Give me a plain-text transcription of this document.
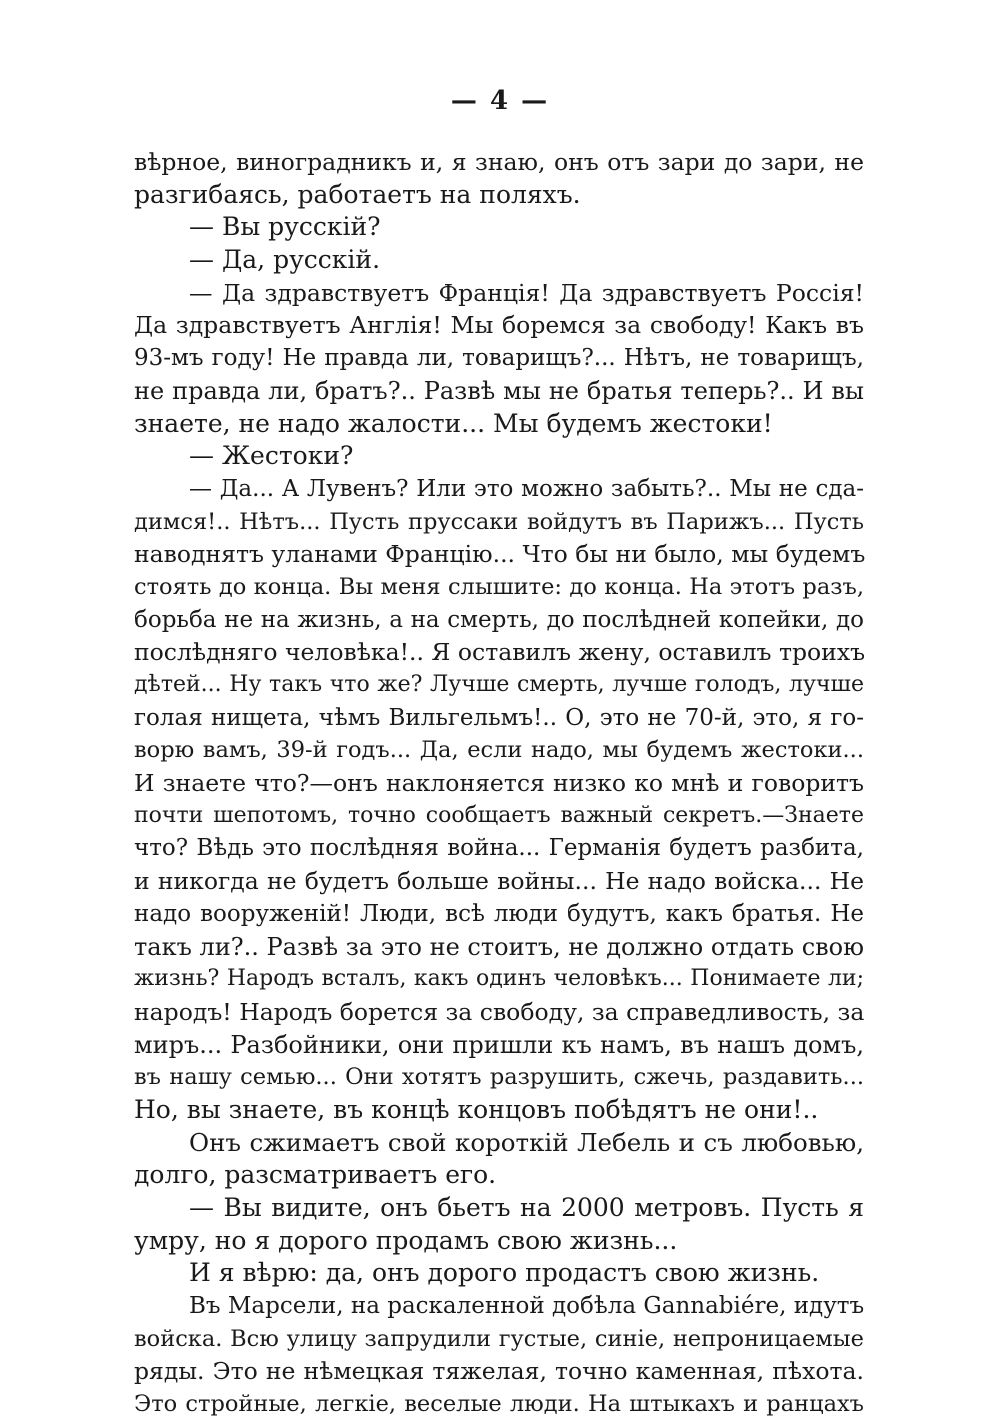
— 4 —
вѣрное, виноградникъ и, я знаю, онъ отъ зари до зари, не
разгибаясь, работаетъ на поляхъ.
— Вы русскій?
— Да, русскій.
— Да здравствуетъ Франція! Да здравствуетъ Россія!
Да здравствуетъ Англія! Мы боремся за свободу! Какъ въ
93-мъ году! Не правда ли, товарищъ?... Нѣтъ, не товарищъ,
не правда ли, братъ?.. Развѣ мы не братья теперь?.. И вы
знаете, не надо жалости... Мы будемъ жестоки!
— Жестоки?
— Да... А Лувенъ? Или это можно забыть?.. Мы не сда-
димся!.. Нѣтъ... Пусть пруссаки войдутъ въ Парижъ... Пусть
наводнятъ уланами Францію... Что бы ни было, мы будемъ
стоять до конца. Вы меня слышите: до конца. На этотъ разъ,
борьба не на жизнь, а на смерть, до послѣдней копейки, до
послѣдняго человѣка!.. Я оставилъ жену, оставилъ троихъ
дѣтей... Ну такъ что же? Лучше смерть, лучше голодъ, лучше
голая нищета, чѣмъ Вильгельмъ!.. О, это не 70-й, это, я го-
ворю вамъ, 39-й годъ... Да, если надо, мы будемъ жестоки...
И знаете что?—онъ наклоняется низко ко мнѣ и говоритъ
почти шепотомъ, точно сообщаетъ важный секретъ.—Знаете
что? Вѣдь это послѣдняя война... Германія будетъ разбита,
и никогда не будетъ больше войны... Не надо войска... Не
надо вооруженій! Люди, всѣ люди будутъ, какъ братья. Не
такъ ли?.. Развѣ за это не стоитъ, не должно отдать свою
жизнь? Народъ всталъ, какъ одинъ человѣкъ... Понимаете ли;
народъ! Народъ борется за свободу, за справедливость, за
миръ... Разбойники, они пришли къ намъ, въ нашъ домъ,
въ нашу семью... Они хотятъ разрушить, сжечь, раздавить...
Но, вы знаете, въ концѣ концовъ побѣдятъ не они!..
Онъ сжимаетъ свой короткій Лебель и съ любовью,
долго, разсматриваетъ его.
— Вы видите, онъ бьетъ на 2000 метровъ. Пусть я
умру, но я дорого продамъ свою жизнь...
И я вѣрю: да, онъ дорого продастъ свою жизнь.
Въ Марсели, на раскаленной добѣла Gannabiére, идутъ
войска. Всю улицу запрудили густые, синіе, непроницаемые
ряды. Это не нѣмецкая тяжелая, точно каменная, пѣхота.
Это стройные, легкіе, веселые люди. На штыкахъ и ранцахъ
